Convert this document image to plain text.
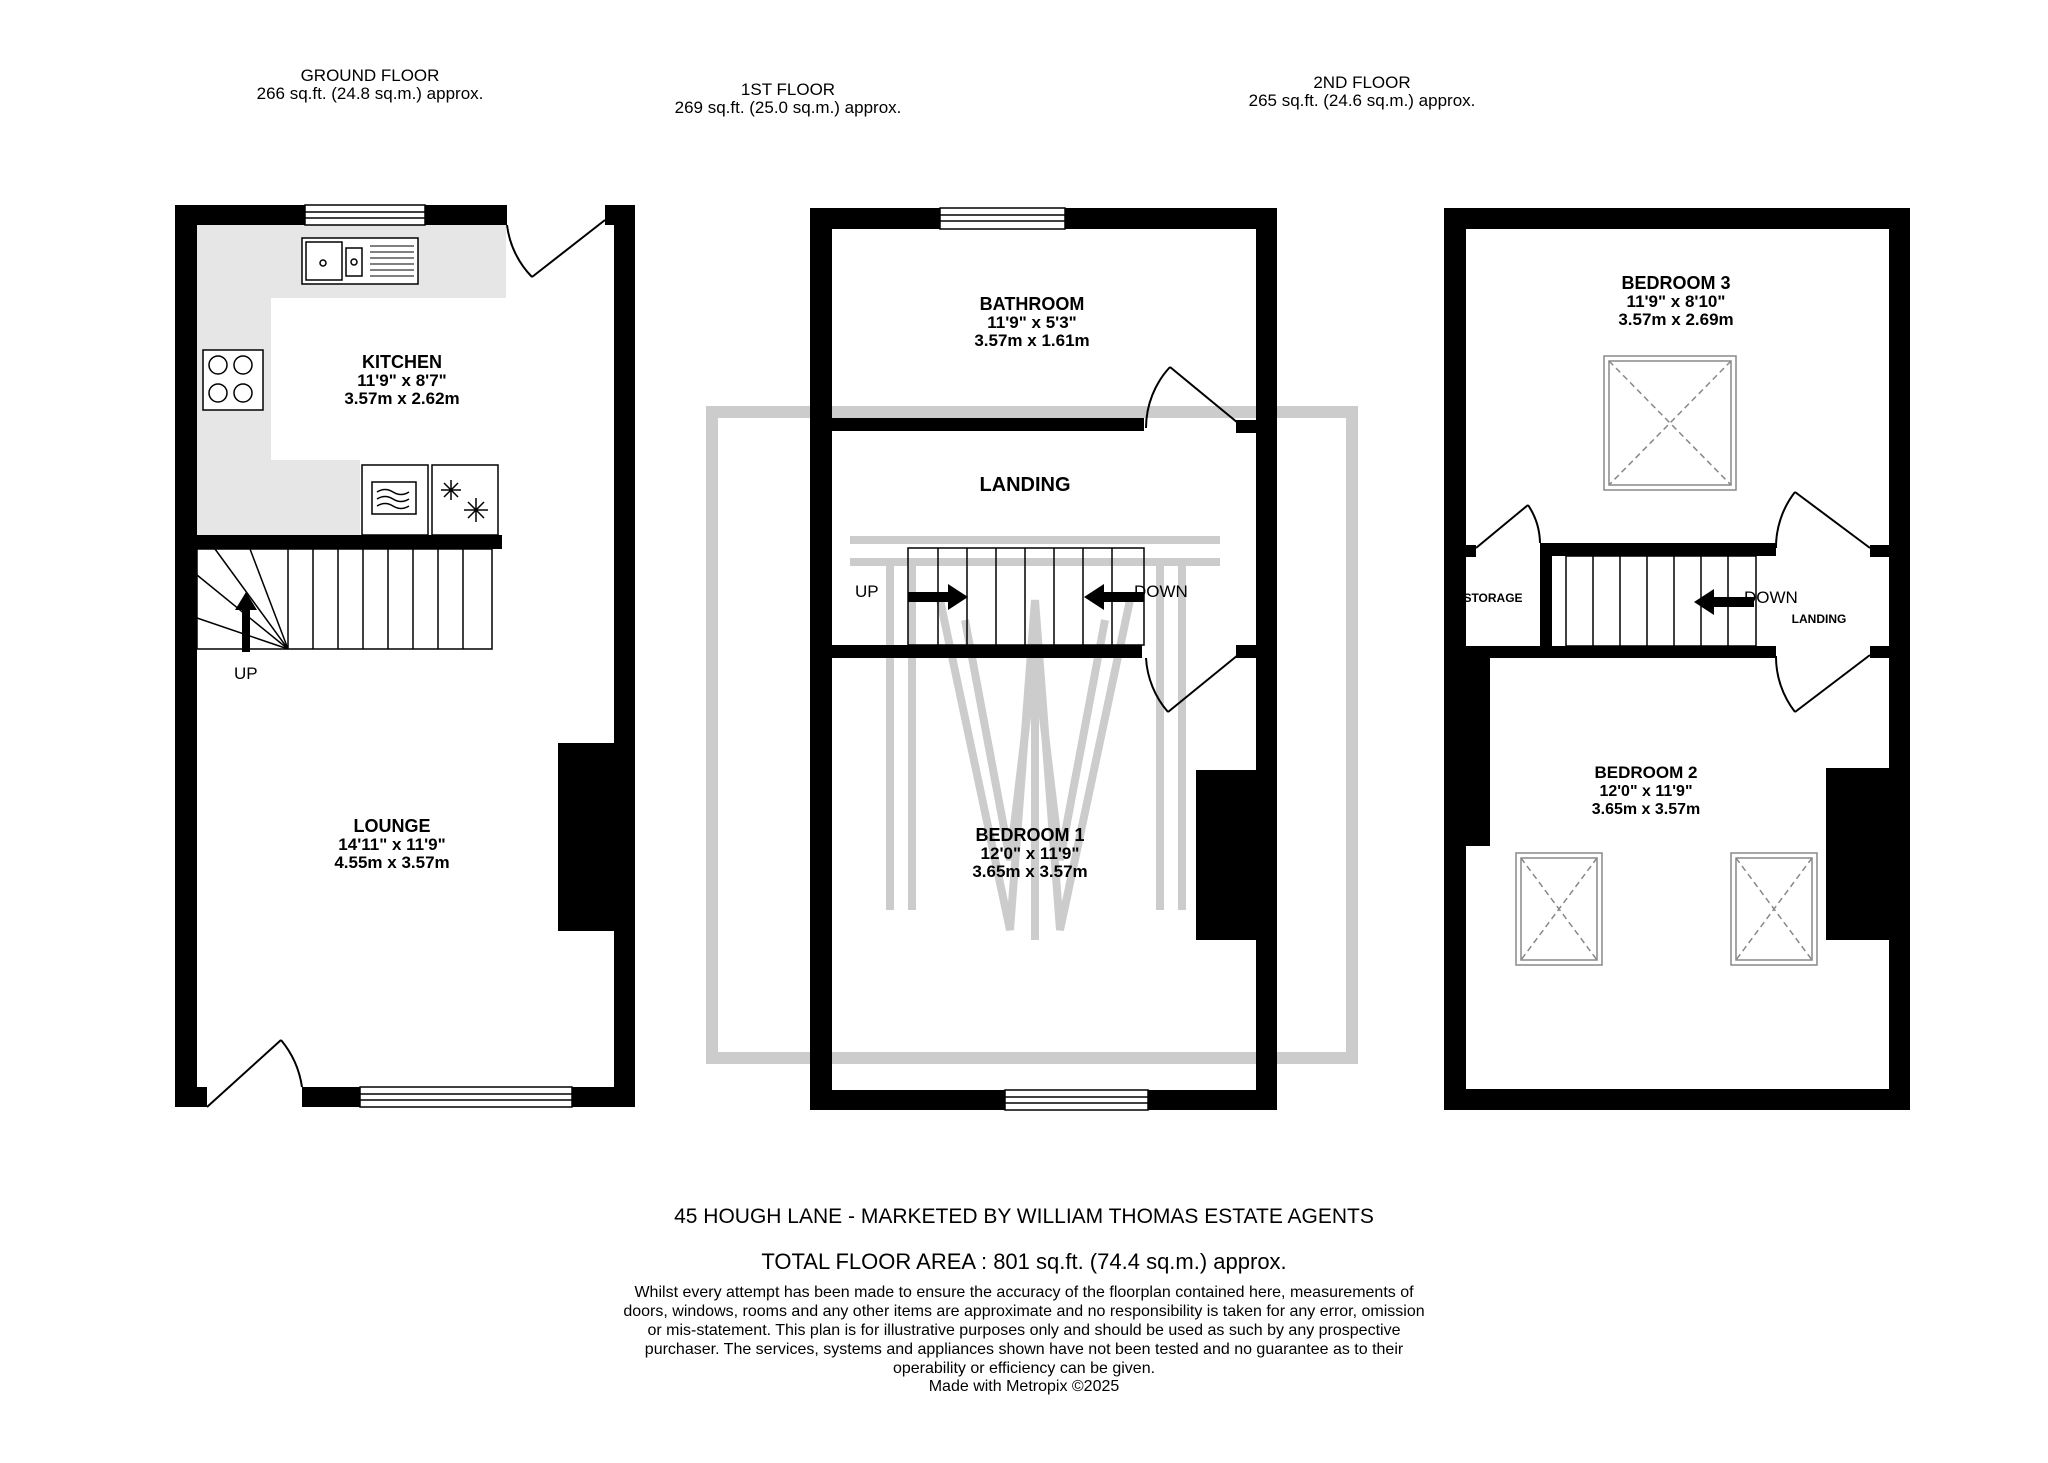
GROUND FLOOR
266 sq.ft. (24.8 sq.m.) approx.	1ST FLOOR
269 sq.ft. (25.0 sq.m.) approx.
2ND FLOOR
265 sq.ft. (24.6 sq.m.) approx.
KITCHEN
11'9" x 8'7"
3.57m x 2.62m
LOUNGE
14'11" x 11'9"
4.55m x 3.57m
BATHROOM
11'9" x 5'3"
3.57m x 1.61m
LANDING
BEDROOM 1
12'0" x 11'9"
3.65m x 3.57m
BEDROOM 3
11'9" x 8'10"
3.57m x 2.69m
BEDROOM 2
12'0" x 11'9"
3.65m x 3.57m
STORAGE
LANDING
UP
UP	DOWN	DOWN
45 HOUGH LANE - MARKETED BY WILLIAM THOMAS ESTATE AGENTS
TOTAL FLOOR AREA : 801 sq.ft. (74.4 sq.m.) approx.
Whilst every attempt has been made to ensure the accuracy of the floorplan contained here, measurements of doors, windows, rooms and any other items are approximate and no responsibility is taken for any error, omission or mis-statement. This plan is for illustrative purposes only and should be used as such by any prospective purchaser. The services, systems and appliances shown have not been tested and no guarantee as to their operability or efficiency can be given.
Made with Metropix ©2025
